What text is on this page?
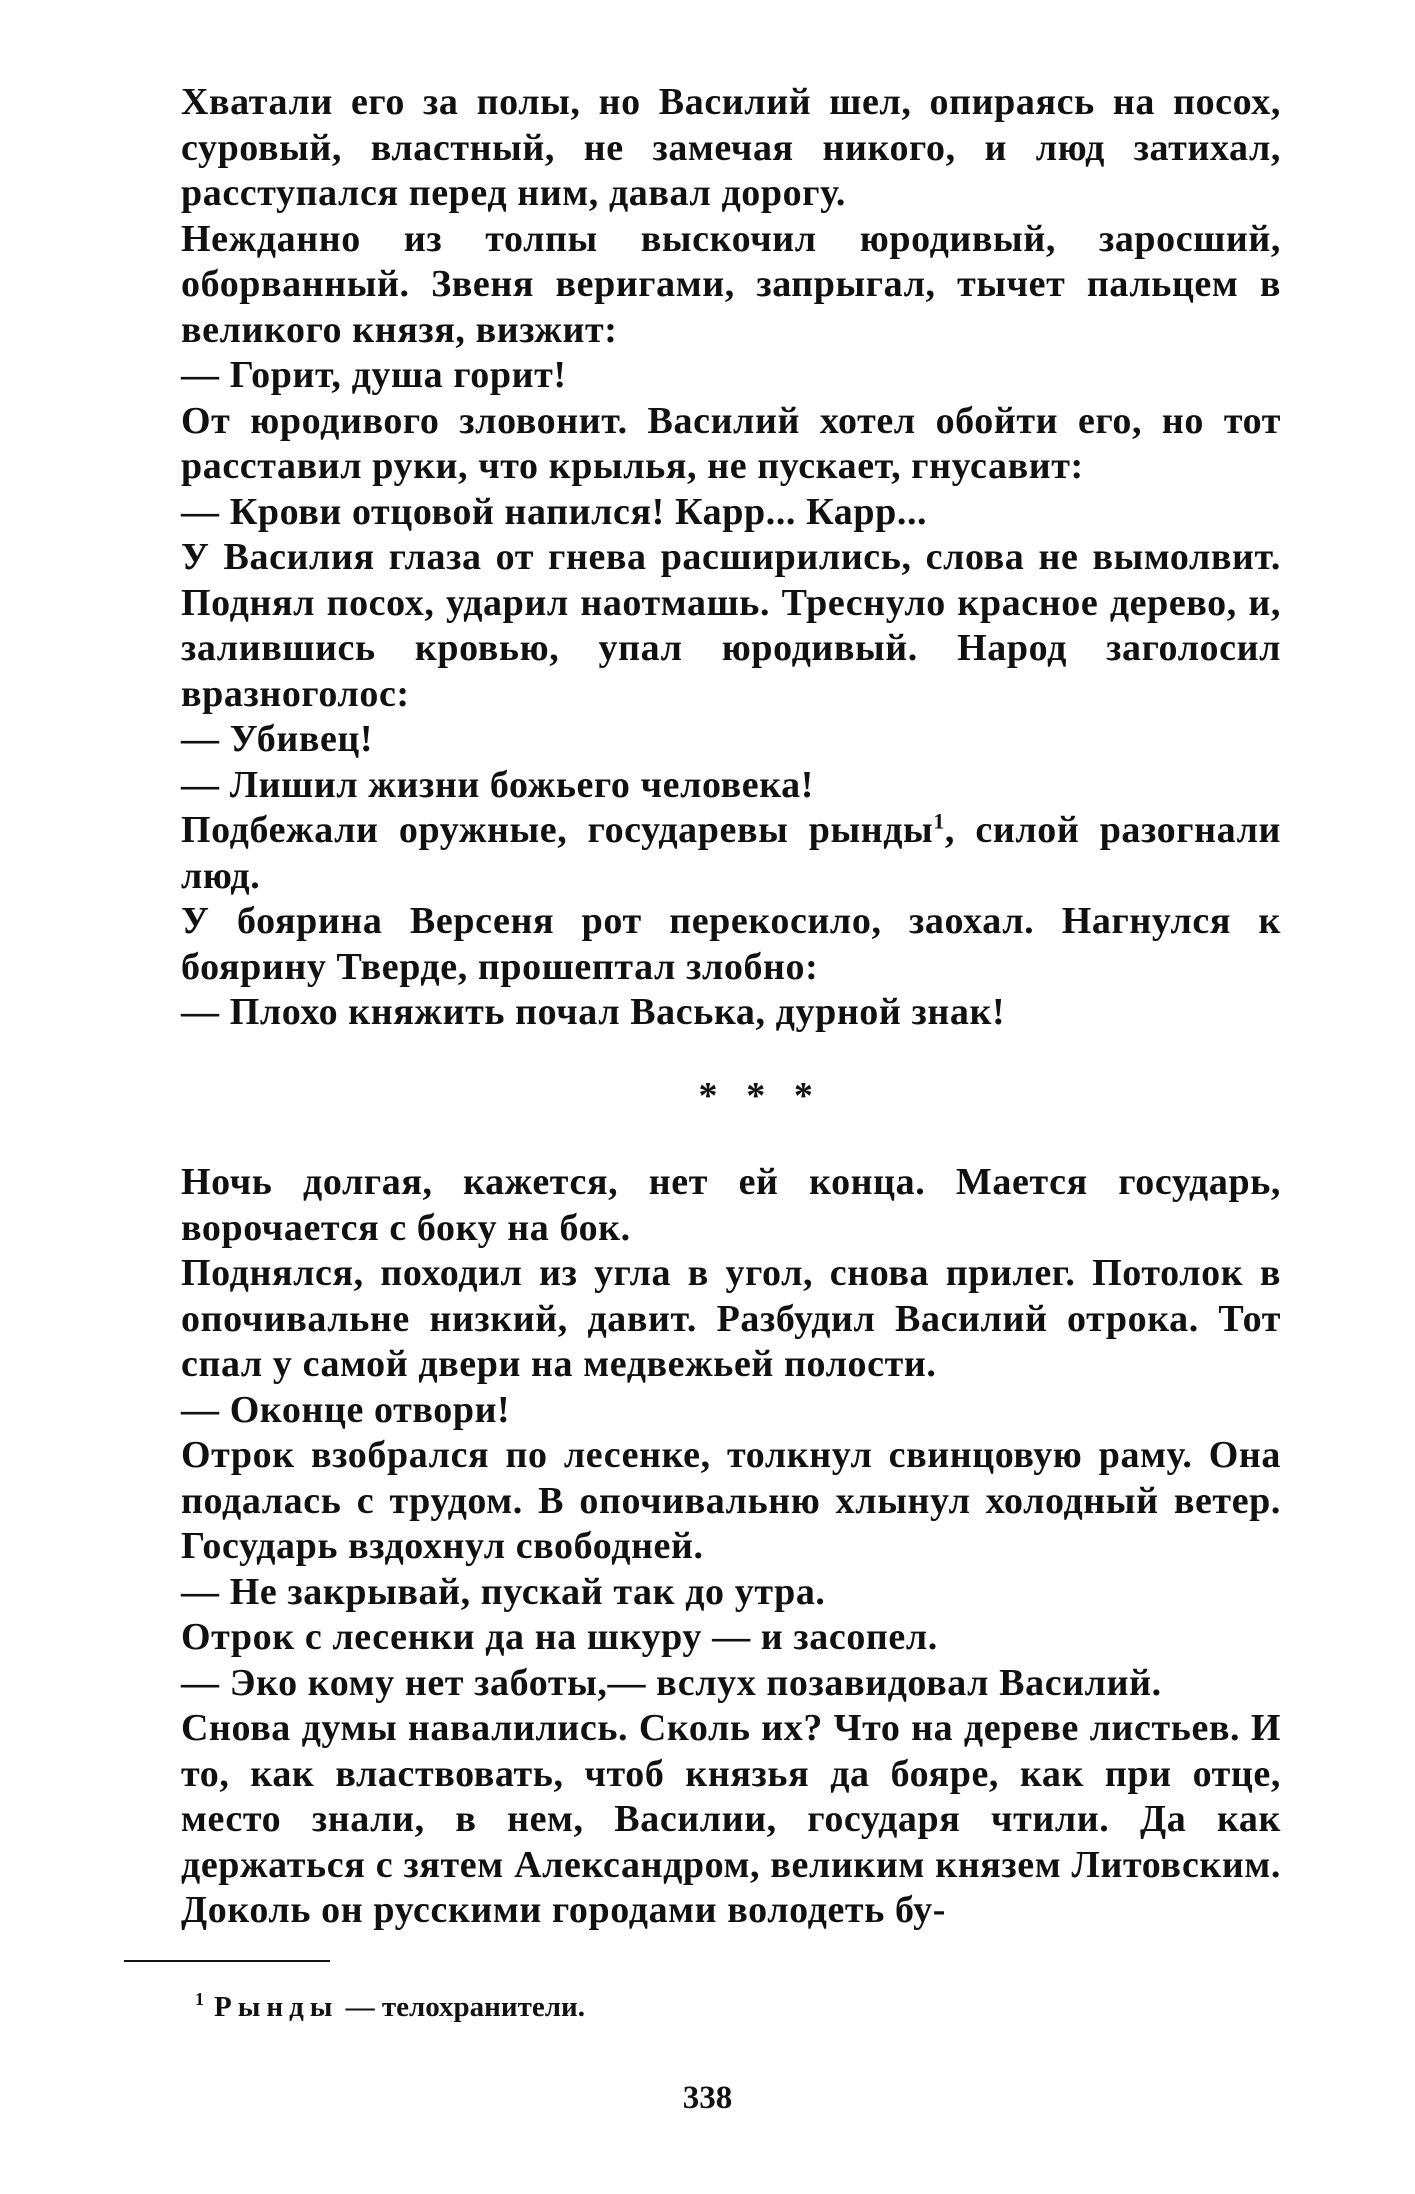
Хватали его за полы, но Василий шел, опираясь на посох, суровый, властный, не замечая никого, и люд затихал, расступался перед ним, давал дорогу.

Нежданно из толпы выскочил юродивый, заросший, оборванный. Звеня веригами, запрыгал, тычет пальцем в великого князя, визжит:

— Горит, душа горит!

От юродивого зловонит. Василий хотел обойти его, но тот расставил руки, что крылья, не пускает, гнусавит:

— Крови отцовой напился! Карр... Карр...

У Василия глаза от гнева расширились, слова не вымолвит. Поднял посох, ударил наотмашь. Треснуло красное дерево, и, залившись кровью, упал юродивый. Народ заголосил вразноголос:

— Убивец!

— Лишил жизни божьего человека!

Подбежали оружные, государевы рынды$^1$, силой разогнали люд.

У боярина Версеня рот перекосило, заохал. Нагнулся к боярину Тверде, прошептал злобно:

— Плохо княжить почал Васька, дурной знак!

* * *

Ночь долгая, кажется, нет ей конца. Мается государь, ворочается с боку на бок.

Поднялся, походил из угла в угол, снова прилег. Потолок в опочивальне низкий, давит. Разбудил Василий отрока. Тот спал у самой двери на медвежьей полости.

— Оконце отвори!

Отрок взобрался по лесенке, толкнул свинцовую раму. Она подалась с трудом. В опочивальню хлынул холодный ветер. Государь вздохнул свободней.

— Не закрывай, пускай так до утра.

Отрок с лесенки да на шкуру — и засопел.

— Эко кому нет заботы,— вслух позавидовал Василий.

Снова думы навалились. Сколь их? Что на дереве листьев. И то, как властвовать, чтоб князья да бояре, как при отце, место знали, в нем, Василии, государя чтили. Да как держаться с зятем Александром, великим князем Литовским. Доколь он русскими городами володеть бу-

$^1$ Рынды — телохранители.
338
